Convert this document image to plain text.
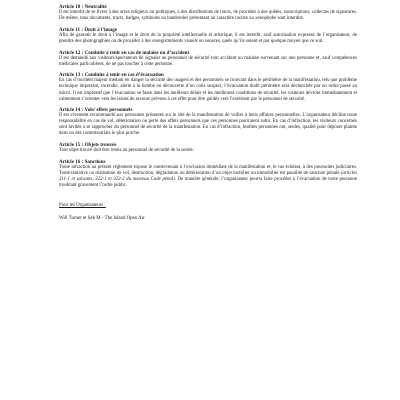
Article 10 : Neutralité

Il est interdit de se livrer à des actes religieux ou politiques, à des distributions de tracts, de procéder à des quêtes, souscriptions, collectes de signatures. De même, tous documents, tracts, badges, symboles ou banderoles présentant un caractère raciste ou xénophobe sont interdits.

Article 11 : Droit à l’image

Afin de garantir le droit à l’image et le droit de la propriété intellectuelle et artistique, il est interdit, sauf autorisation expresse de l’organisateur, de prendre des photographies ou de procéder à des enregistrements visuels ou sonores, quels qu’ils soient et par quelque moyen que ce soit.

Article 12 : Conduite à tenir en cas de malaise ou d’accident

Il est demandé aux visiteurs/spectateurs de signaler au personnel de sécurité tout accident ou malaise survenant sur une personne et, sauf compétences médicales particulières, de ne pas toucher à cette personne.

Article 13 : Conduite à tenir en cas d’évacuation

En cas d’incident majeur mettant en danger la sécurité des usagers et des personnels se trouvant dans le périmètre de la manifestation, tels que problème technique important, incendie, alerte à la bombe ou découverte d’un colis suspect, l’évacuation dudit périmètre sera déclenchée par un ordre passé au micro. Il est impératif que l’évacuation se fasse dans les meilleurs délais et les meilleures conditions de sécurité, les visiteurs devront immédiatement et calmement s’orienter vers les issues de secours prévues à cet effet pour être guidés vers l’extérieur par le personnel de sécurité.

Article 14 : Vols/ effets personnels

Il est vivement recommandé aux personnes présentes sur le site de la manifestation de veiller à leurs affaires personnelles. L’organisateur décline toute responsabilité en cas de vol, détérioration ou perte des effets personnels que ces personnes pourraient subir. En cas d’infraction, les visiteurs concernés sont invités à se rapprocher du personnel de sécurité de la manifestation. En cas d’infraction, lesdites personnes ont, seules, qualité pour déposer plainte dans un des commissariats le plus proche.

Article 15 : Objets trouvés

Tout objet trouvé doit être remis au personnel de sécurité de la soirée.

Article 16 : Sanctions

Toute infraction au présent règlement expose le contrevenant à l’exclusion immédiate de la manifestation et, le cas échéant, à des poursuites judiciaires. Toute tentative ou réalisation de vol, destruction, dégradation ou détérioration d’un objet mobilier ou immobilier est passible de sanction pénale (articles 311-1 et suivants, 322-1 et 322-2 du nouveau Code pénal). De manière générale, l’organisateur pourra faire procéder à l’évacuation de toute personne troublant gravement l’ordre public.

Pour les Organisateurs :

Will Turner et Seb M - The Island Open Air
